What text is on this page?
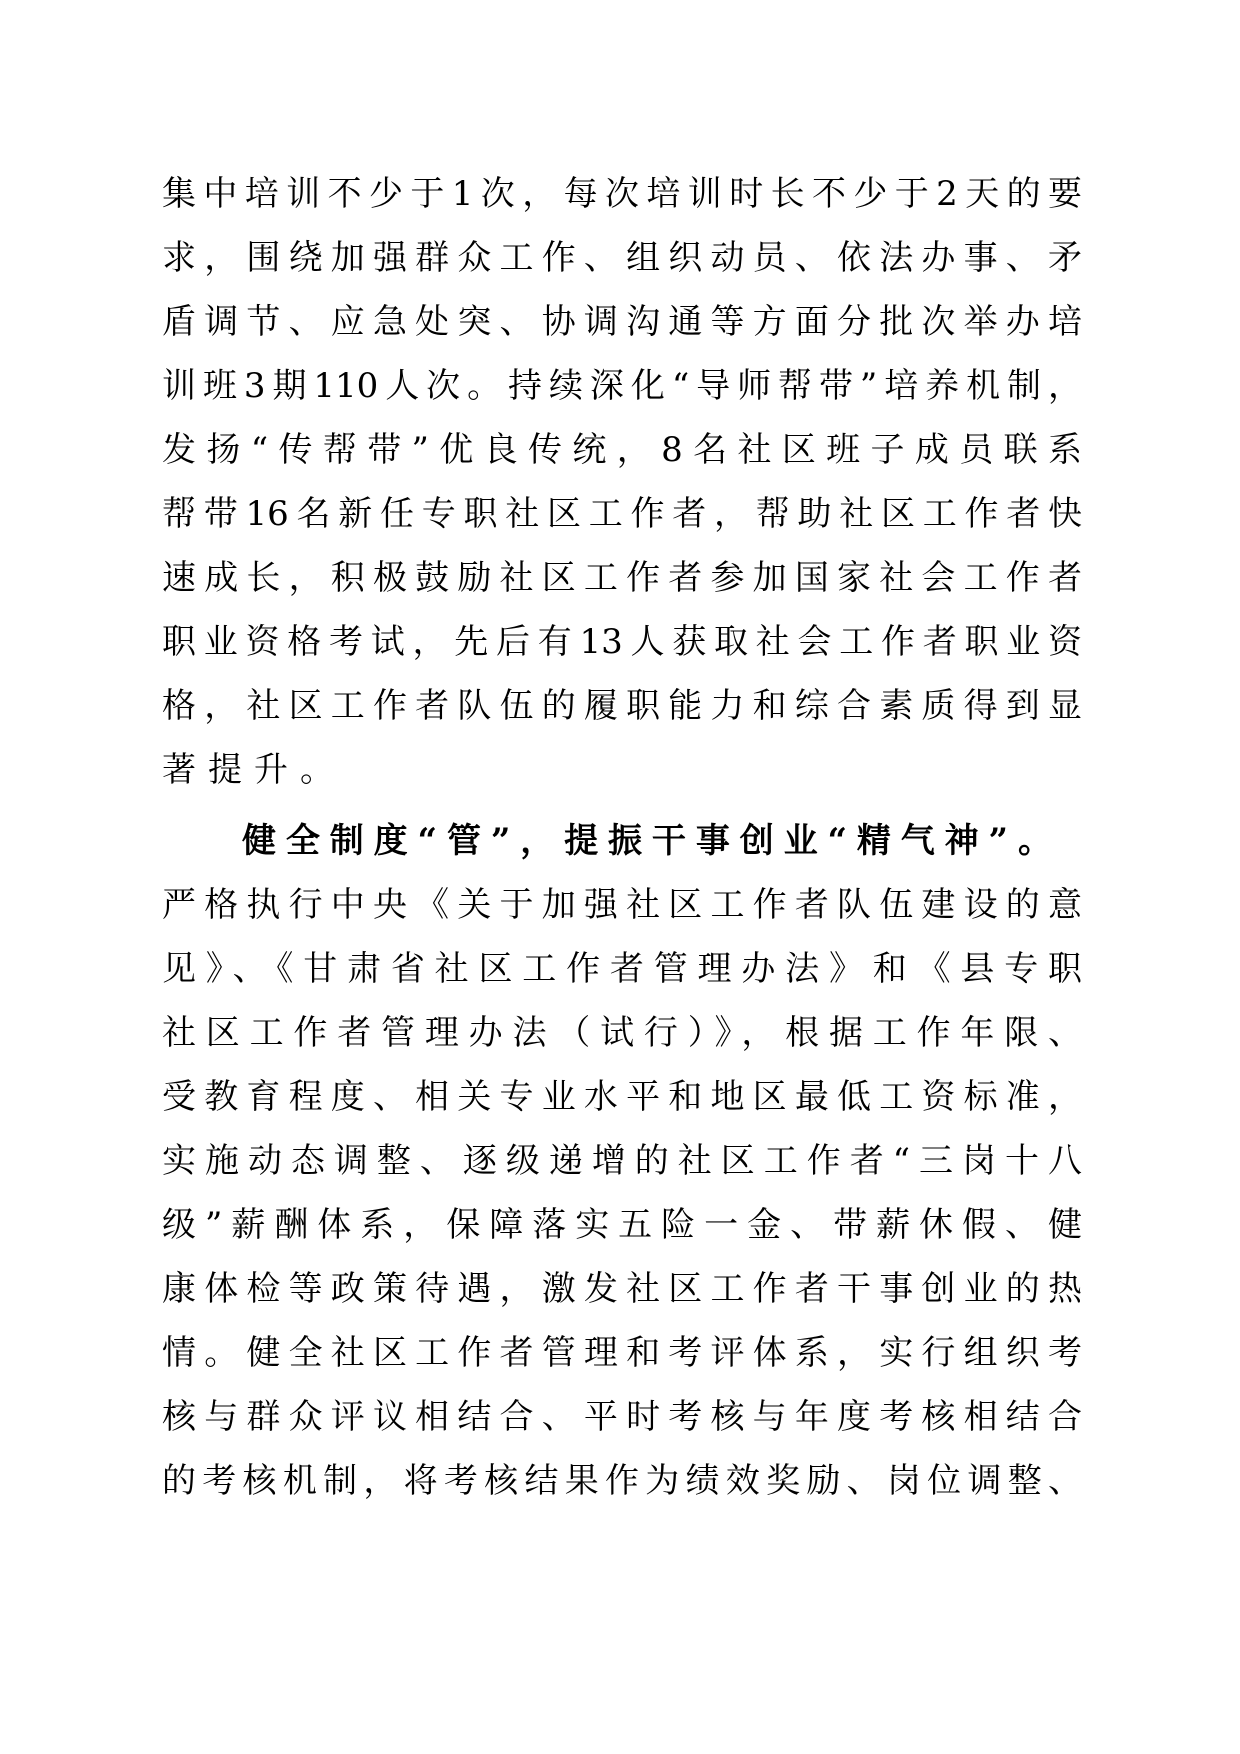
集中培训不少于1次，每次培训时长不少于2天的要
求，围绕加强群众工作、组织动员、依法办事、矛
盾调节、应急处突、协调沟通等方面分批次举办培
训班3期110人次。持续深化“导师帮带”培养机制，
发扬“传帮带”优良传统，8名社区班子成员联系
帮带16名新任专职社区工作者，帮助社区工作者快
速成长，积极鼓励社区工作者参加国家社会工作者
职业资格考试，先后有13人获取社会工作者职业资
格，社区工作者队伍的履职能力和综合素质得到显
著提升。
健全制度“管”，提振干事创业“精气神”。
严格执行中央《关于加强社区工作者队伍建设的意
见》、《甘肃省社区工作者管理办法》和《县专职
社区工作者管理办法（试行）》，根据工作年限、
受教育程度、相关专业水平和地区最低工资标准，
实施动态调整、逐级递增的社区工作者“三岗十八
级”薪酬体系，保障落实五险一金、带薪休假、健
康体检等政策待遇，激发社区工作者干事创业的热
情。健全社区工作者管理和考评体系，实行组织考
核与群众评议相结合、平时考核与年度考核相结合
的考核机制，将考核结果作为绩效奖励、岗位调整、
